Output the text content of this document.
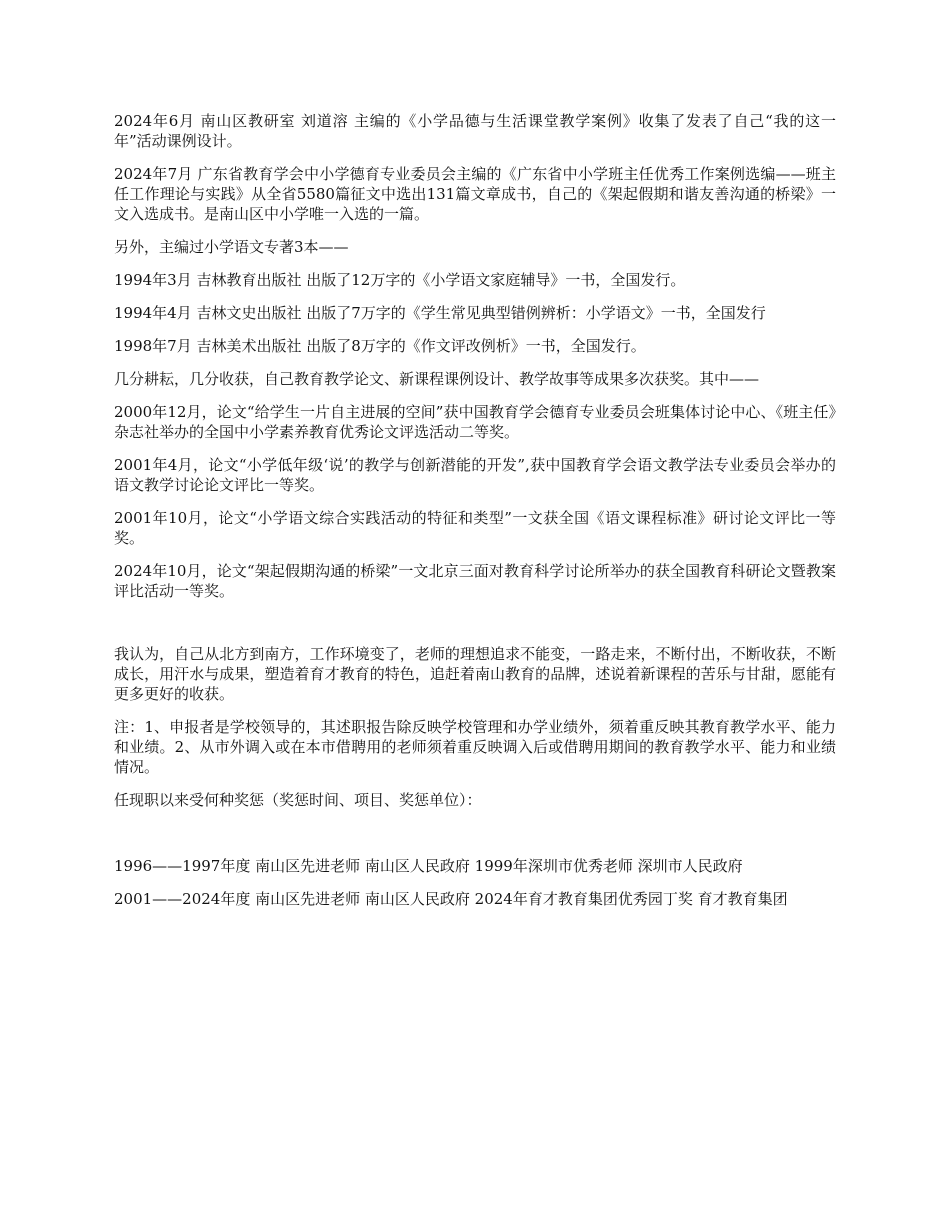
2024年6月 南山区教研室 刘道溶 主编的《小学品德与生活课堂教学案例》收集了发表了自己“我的这一年”活动课例设计。

2024年7月 广东省教育学会中小学德育专业委员会主编的《广东省中小学班主任优秀工作案例选编——班主任工作理论与实践》从全省5580篇征文中选出131篇文章成书，自己的《架起假期和谐友善沟通的桥梁》一文入选成书。是南山区中小学唯一入选的一篇。

另外，主编过小学语文专著3本——

1994年3月 吉林教育出版社 出版了12万字的《小学语文家庭辅导》一书，全国发行。

1994年4月 吉林文史出版社 出版了7万字的《学生常见典型错例辨析：小学语文》一书，全国发行

1998年7月 吉林美术出版社 出版了8万字的《作文评改例析》一书，全国发行。

几分耕耘，几分收获，自己教育教学论文、新课程课例设计、教学故事等成果多次获奖。其中——

2000年12月，论文“给学生一片自主进展的空间”获中国教育学会德育专业委员会班集体讨论中心、《班主任》杂志社举办的全国中小学素养教育优秀论文评选活动二等奖。

2001年4月，论文“小学低年级‘说’的教学与创新潜能的开发”,获中国教育学会语文教学法专业委员会举办的语文教学讨论论文评比一等奖。

2001年10月，论文“小学语文综合实践活动的特征和类型”一文获全国《语文课程标准》研讨论文评比一等奖。

2024年10月，论文“架起假期沟通的桥梁”一文北京三面对教育科学讨论所举办的获全国教育科研论文暨教案评比活动一等奖。

我认为，自己从北方到南方，工作环境变了，老师的理想追求不能变，一路走来，不断付出，不断收获，不断成长，用汗水与成果，塑造着育才教育的特色，追赶着南山教育的品牌，述说着新课程的苦乐与甘甜，愿能有更多更好的收获。

注：1、申报者是学校领导的，其述职报告除反映学校管理和办学业绩外，须着重反映其教育教学水平、能力和业绩。2、从市外调入或在本市借聘用的老师须着重反映调入后或借聘用期间的教育教学水平、能力和业绩情况。

任现职以来受何种奖惩（奖惩时间、项目、奖惩单位）：

1996——1997年度 南山区先进老师 南山区人民政府 1999年深圳市优秀老师 深圳市人民政府

2001——2024年度 南山区先进老师 南山区人民政府 2024年育才教育集团优秀园丁奖 育才教育集团
